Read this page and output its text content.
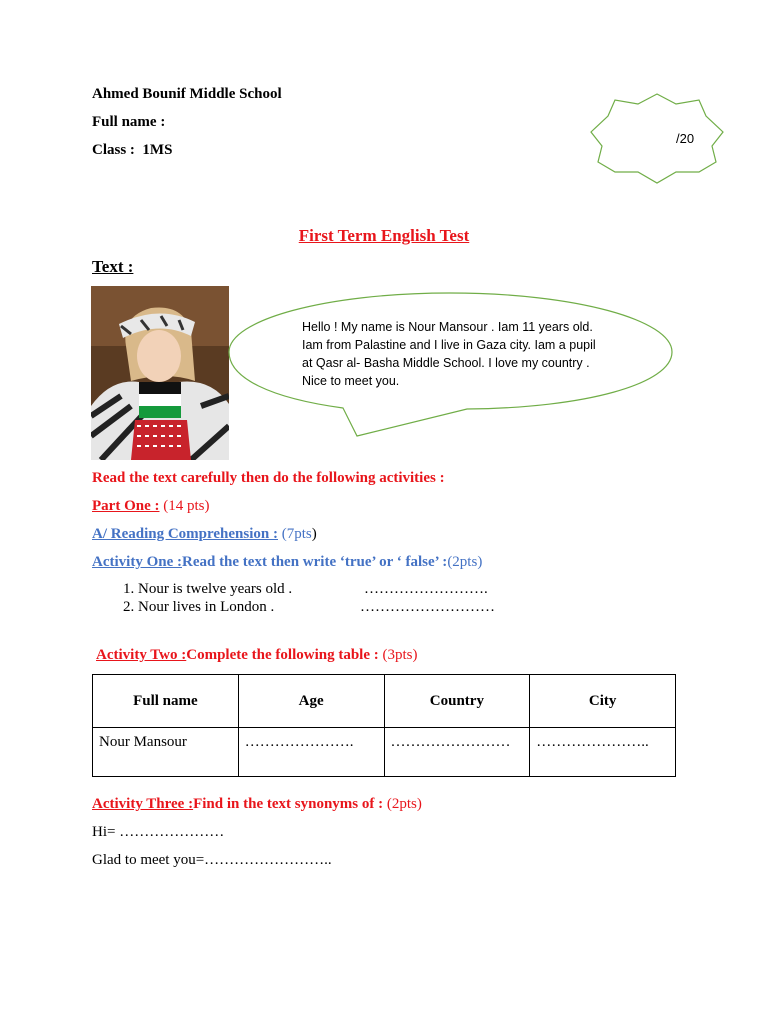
Ahmed Bounif Middle School
Full name :
Class : 1MS
/20
First Term English Test
Text :
Hello ! My name is Nour Mansour . Iam 11 years old. Iam from Palastine and I live in Gaza city. Iam a pupil at Qasr al- Basha Middle School. I love my country . Nice to meet you.
Read the text carefully then do the following activities :
Part One : (14 pts)
A/ Reading Comprehension : (7pts)
Activity One :Read the text then write ‘true’ or ‘ false’ :(2pts)
1. Nour is twelve years old .	…………………….
2. Nour lives in London .	………………………
Activity Two :Complete the following table : (3pts)
Full name	Age	Country	City
Nour Mansour	………………….	……………………	…………………..
Activity Three :Find in the text synonyms of : (2pts)
Hi= …………………
Glad to meet you=……………………..
